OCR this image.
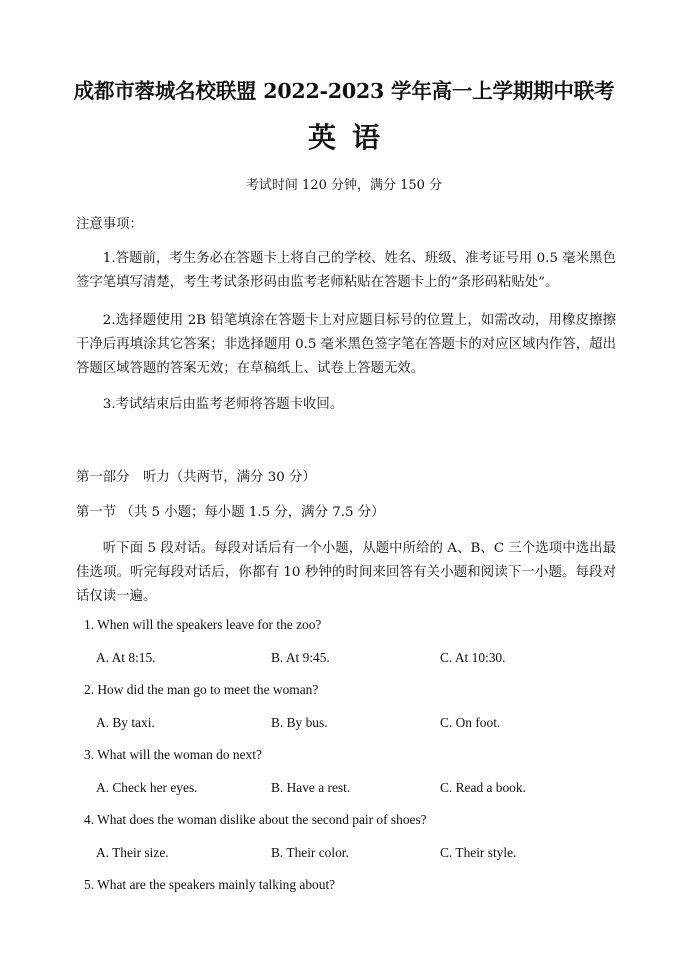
成都市蓉城名校联盟 2022-2023 学年高一上学期期中联考
英语
考试时间 120 分钟，满分 150 分
注意事项：
1.答题前，考生务必在答题卡上将自己的学校、姓名、班级、准考证号用 0.5 毫米黑色签字笔填写清楚，考生考试条形码由监考老师粘贴在答题卡上的“条形码粘贴处”。
2.选择题使用 2B 铅笔填涂在答题卡上对应题目标号的位置上，如需改动，用橡皮擦擦干净后再填涂其它答案；非选择题用 0.5 毫米黑色签字笔在答题卡的对应区域内作答，超出答题区域答题的答案无效；在草稿纸上、试卷上答题无效。
3.考试结束后由监考老师将答题卡收回。
第一部分　听力（共两节，满分 30 分）
第一节 （共 5 小题；每小题 1.5 分，满分 7.5 分）
听下面 5 段对话。每段对话后有一个小题，从题中所给的 A、B、C 三个选项中选出最佳选项。听完每段对话后，你都有 10 秒钟的时间来回答有关小题和阅读下一小题。每段对话仅读一遍。
1. When will the speakers leave for the zoo?
A. At 8:15.	B. At 9:45.	C. At 10:30.
2. How did the man go to meet the woman?
A. By taxi.	B. By bus.	C. On foot.
3. What will the woman do next?
A. Check her eyes.	B. Have a rest.	C. Read a book.
4. What does the woman dislike about the second pair of shoes?
A. Their size.	B. Their color.	C. Their style.
5. What are the speakers mainly talking about?
